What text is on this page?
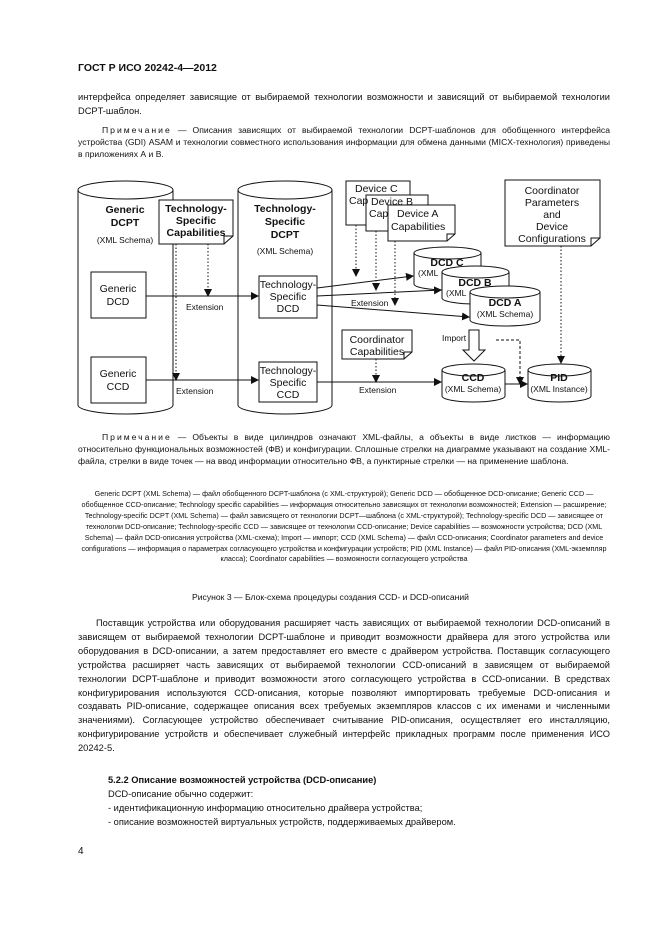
ГОСТ Р ИСО 20242-4—2012

интерфейса определяет зависящие от выбираемой технологии возможности и зависящий от выбираемой технологии DCPT-шаблон.

Примечание — Описания зависящих от выбираемой технологии DCPT-шаблонов для обобщенного интерфейса устройства (GDI) ASAM и технологии совместного использования информации для обмена данными (MICX-технология) приведены в приложениях А и В.

Generic
DCPT
(XML Schema)
Generic
DCD
Generic
CCD
Technology-
Specific
Capabilities
Technology-
Specific
DCPT
(XML Schema)
Technology-
Specific
DCD
Technology-
Specific
CCD
Extension
Extension
Extension
Extension
Device C
Cap Device B
Cap Device A
Capabilities
Coordinator
Parameters
and
Device
Configurations
DCD C
(XML
DCD B
(XML
DCD A
(XML Schema)
Coordinator
Capabilities
Import
CCD
(XML Schema)
PID
(XML Instance)

Примечание — Объекты в виде цилиндров означают XML-файлы, а объекты в виде листков — информацию относительно функциональных возможностей (ФВ) и конфигурации. Сплошные стрелки на диаграмме указывают на создание XML-файла, стрелки в виде точек — на ввод информации относительно ФВ, а пунктирные стрелки — на применение шаблона.

Generic DCPT (XML Schema) — файл обобщенного DCPT-шаблона (с XML-структурой); Generic DCD — обобщенное DCD-описание; Generic CCD — обобщенное CCD-описание; Technology specific capabilities — информация относительно зависящих от технологии возможностей; Extension — расширение; Technology-specific DCPT (XML Schema) — файл зависящего от технологии DCPT—шаблона (с XML-структурой); Technology-specific DCD — зависящее от технологии DCD-описание; Technology-specific CCD — зависящее от технологии CCD-описание; Device capabilities — возможности устройства; DCD (XML Schema) — файл DCD-описания устройства (XML-схема); Import — импорт; CCD (XML Schema) — файл CCD-описания; Coordinator parameters and device configurations — информация о параметрах согласующего устройства и конфигурации устройств; PID (XML Instance) — файл PID-описания (XML-экземпляр класса); Coordinator capabilities — возможности согласующего устройства

Рисунок 3 — Блок-схема процедуры создания CCD- и DCD-описаний

Поставщик устройства или оборудования расширяет часть зависящих от выбираемой технологии DCD-описаний в зависящем от выбираемой технологии DCPT-шаблоне и приводит возможности драйвера для этого устройства или оборудования в DCD-описании, а затем предоставляет его вместе с драйвером устройства. Поставщик согласующего устройства расширяет часть зависящих от выбираемой технологии CCD-описаний в зависящем от выбираемой технологии DCPT-шаблоне и приводит возможности этого согласующего устройства в CCD-описании. В средствах конфигурирования используются CCD-описания, которые позволяют импортировать требуемые DCD-описания и создавать PID-описание, содержащее описания всех требуемых экземпляров классов с их именами и численными значениями). Согласующее устройство обеспечивает считывание PID-описания, осуществляет его инсталляцию, конфигурирование устройств и обеспечивает служебный интерфейс прикладных программ после применения ИСО 20242-5.

5.2.2 Описание возможностей устройства (DCD-описание)
DCD-описание обычно содержит:
- идентификационную информацию относительно драйвера устройства;
- описание возможностей виртуальных устройств, поддерживаемых драйвером.
4
